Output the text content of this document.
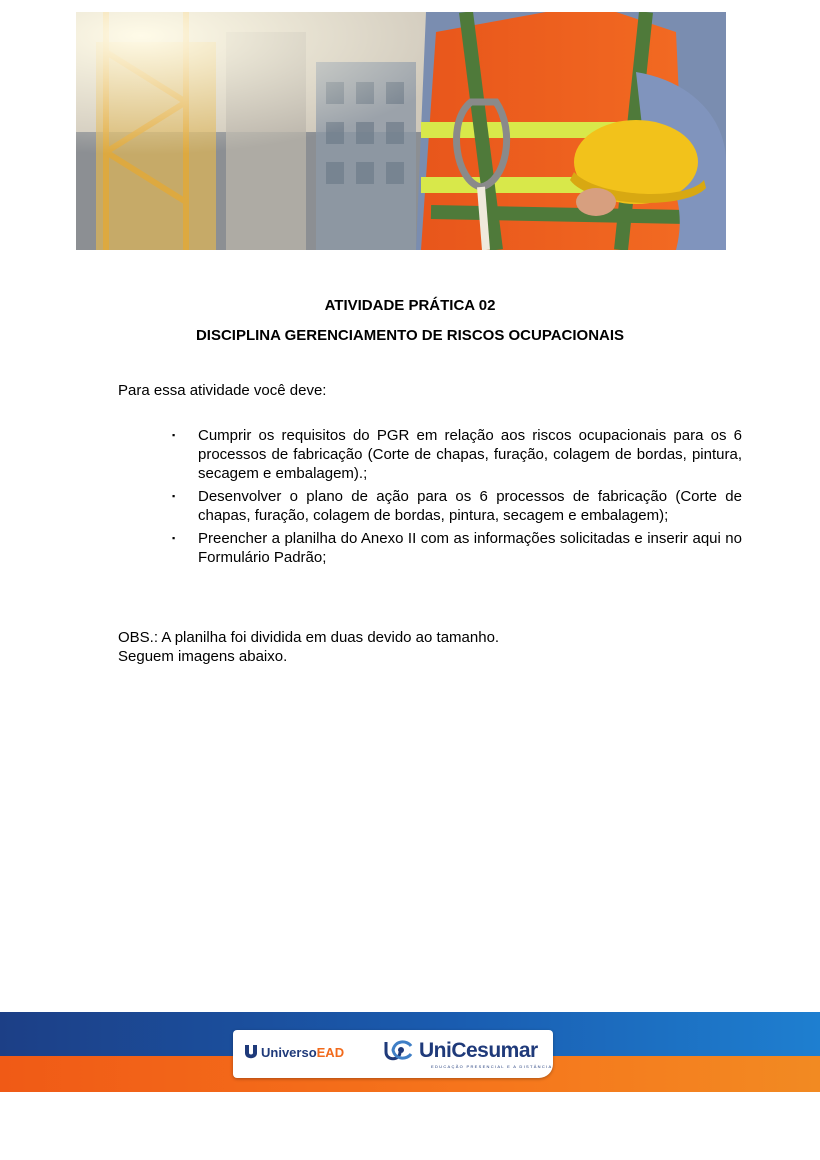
ATIVIDADE PRÁTICA 02
DISCIPLINA GERENCIAMENTO DE RISCOS OCUPACIONAIS

Para essa atividade você deve:

▪ Cumprir os requisitos do PGR em relação aos riscos ocupacionais para os 6 processos de fabricação (Corte de chapas, furação, colagem de bordas, pintura, secagem e embalagem).;
▪ Desenvolver o plano de ação para os 6 processos de fabricação (Corte de chapas, furação, colagem de bordas, pintura, secagem e embalagem);
▪ Preencher a planilha do Anexo II com as informações solicitadas e inserir aqui no Formulário Padrão;

OBS.: A planilha foi dividida em duas devido ao tamanho.

Seguem imagens abaixo.

UniversoEAD	UniCesumar
EDUCAÇÃO PRESENCIAL E A DISTÂNCIA
